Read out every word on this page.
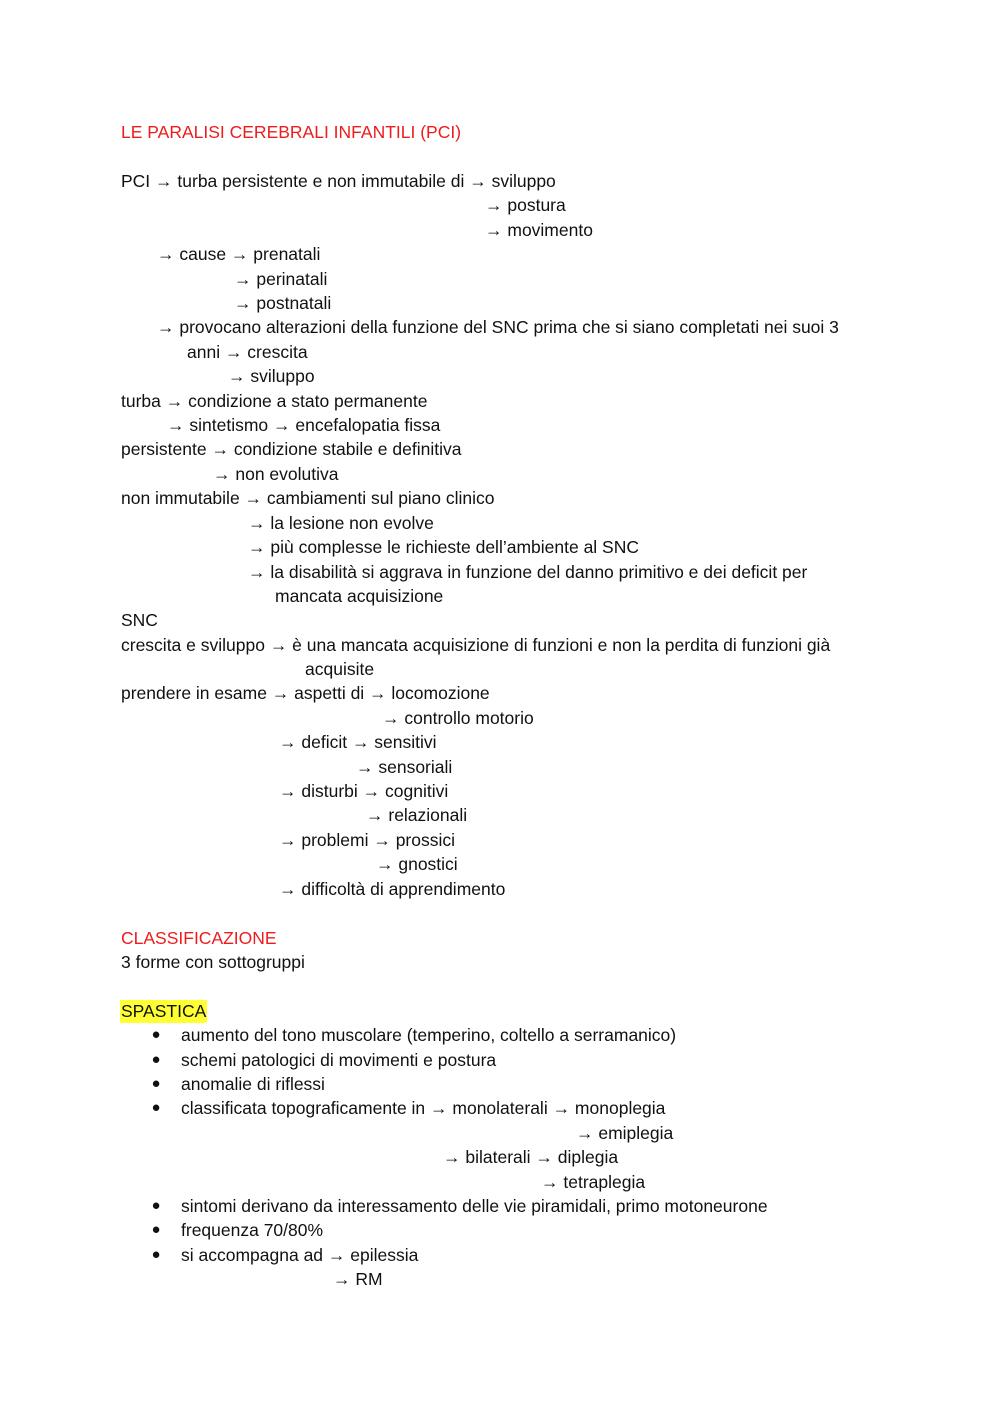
LE PARALISI CEREBRALI INFANTILI (PCI)
PCI → turba persistente e non immutabile di → sviluppo
→ postura
→ movimento
→ cause → prenatali
→ perinatali
→ postnatali
→ provocano alterazioni della funzione del SNC prima che si siano completati nei suoi 3
anni → crescita
→ sviluppo
turba → condizione a stato permanente
→ sintetismo → encefalopatia fissa
persistente → condizione stabile e definitiva
→ non evolutiva
non immutabile → cambiamenti sul piano clinico
→ la lesione non evolve
→ più complesse le richieste dell’ambiente al SNC
→ la disabilità si aggrava in funzione del danno primitivo e dei deficit per
mancata acquisizione
SNC
crescita e sviluppo → è una mancata acquisizione di funzioni e non la perdita di funzioni già
acquisite
prendere in esame → aspetti di → locomozione
→ controllo motorio
→ deficit → sensitivi
→ sensoriali
→ disturbi → cognitivi
→ relazionali
→ problemi → prossici
→ gnostici
→ difficoltà di apprendimento
CLASSIFICAZIONE
3 forme con sottogruppi
SPASTICA
● aumento del tono muscolare (temperino, coltello a serramanico)
● schemi patologici di movimenti e postura
● anomalie di riflessi
● classificata topograficamente in → monolaterali → monoplegia
→ emiplegia
→ bilaterali → diplegia
→ tetraplegia
● sintomi derivano da interessamento delle vie piramidali, primo motoneurone
● frequenza 70/80%
● si accompagna ad → epilessia
→ RM
